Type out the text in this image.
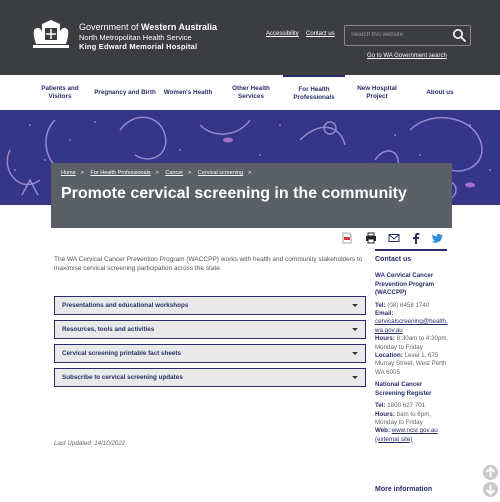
Government of Western Australia
North Metropolitan Health Service
King Edward Memorial Hospital
Accessibility Contact us
Search this website
Go to WA Government search
Patients and Visitors
Pregnancy and Birth	Women's Health
Other Health Services
For Health Professionals
New Hospital Project
About us
Home > For Health Professionals > Cancer > Cervical screening >
Promote cervical screening in the community

The WA Cervical Cancer Prevention Program (WACCPP) works with health and community stakeholders to maximise cervical screening participation across the state.

Presentations and educational workshops
Resources, tools and activities
Cervical screening printable fact sheets
Subscribe to cervical screening updates
Last Updated: 14/10/2022
Contact us
WA Cervical Cancer Prevention Program (WACCPP)
Tel: (08) 6458 1740
Email:
cervicalscreening@health.wa.gov.au
Hours: 8:30am to 4:30pm, Monday to Friday
Location: Level 1, 675 Murray Street, West Perth WA 6005
National Cancer Screening Register
Tel: 1800 627 701
Hours: 8am to 6pm, Monday to Friday
Web: www.ncsr.gov.au
(external site)
More information
